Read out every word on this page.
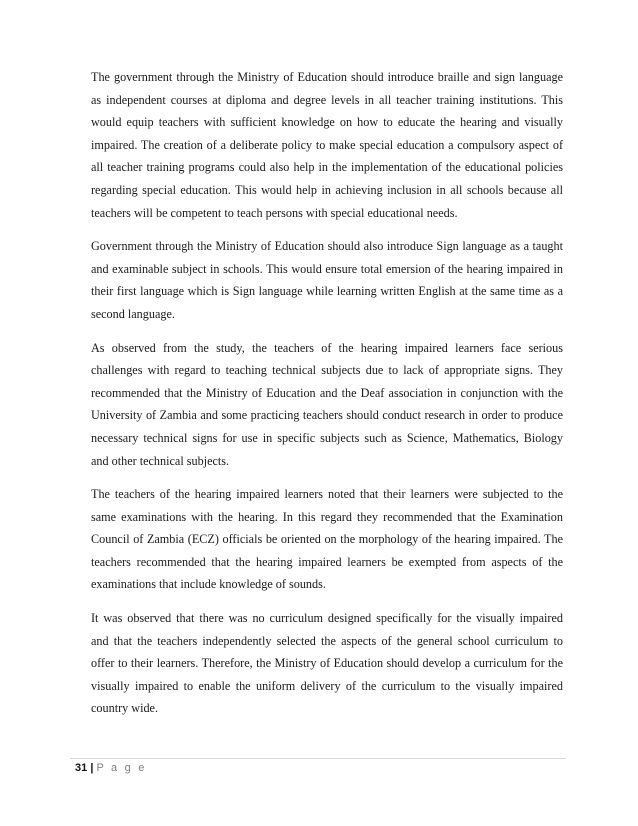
The government through the Ministry of Education should introduce braille and sign language
as independent courses at diploma and degree levels in all teacher training institutions. This
would equip teachers with sufficient knowledge on how to educate the hearing and visually
impaired. The creation of a deliberate policy to make special education a compulsory aspect of
all teacher training programs could also help in the implementation of the educational policies
regarding special education. This would help in achieving inclusion in all schools because all
teachers will be competent to teach persons with special educational needs.

Government through the Ministry of Education should also introduce Sign language as a taught
and examinable subject in schools. This would ensure total emersion of the hearing impaired in
their first language which is Sign language while learning written English at the same time as a
second language.

As observed from the study, the teachers of the hearing impaired learners face serious
challenges with regard to teaching technical subjects due to lack of appropriate signs. They
recommended that the Ministry of Education and the Deaf association in conjunction with the
University of Zambia and some practicing teachers should conduct research in order to produce
necessary technical signs for use in specific subjects such as Science, Mathematics, Biology
and other technical subjects.

The teachers of the hearing impaired learners noted that their learners were subjected to the
same examinations with the hearing. In this regard they recommended that the Examination
Council of Zambia (ECZ) officials be oriented on the morphology of the hearing impaired. The
teachers recommended that the hearing impaired learners be exempted from aspects of the
examinations that include knowledge of sounds.

It was observed that there was no curriculum designed specifically for the visually impaired
and that the teachers independently selected the aspects of the general school curriculum to
offer to their learners. Therefore, the Ministry of Education should develop a curriculum for the
visually impaired to enable the uniform delivery of the curriculum to the visually impaired
country wide.

31 | P a g e
